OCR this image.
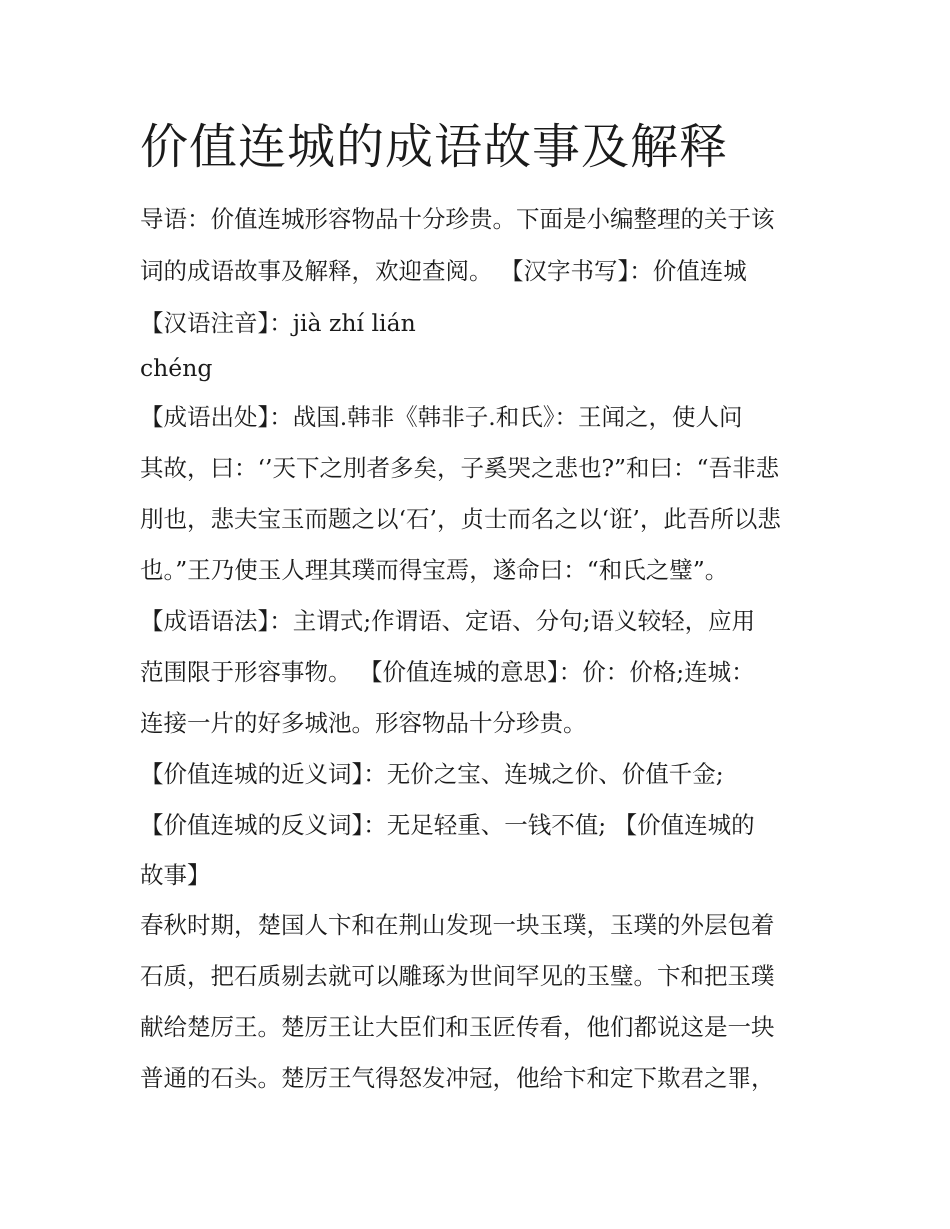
价值连城的成语故事及解释
导语：价值连城形容物品十分珍贵。下面是小编整理的关于该
词的成语故事及解释，欢迎查阅。 【汉字书写】：价值连城
【汉语注音】：jià zhí lián
chéng
【成语出处】：战国.韩非《韩非子.和氏》：王闻之，使人问
其故，曰：‘’天下之刖者多矣，子奚哭之悲也?”和曰：“吾非悲
刖也，悲夫宝玉而题之以‘石’，贞士而名之以‘诳’，此吾所以悲
也。”王乃使玉人理其璞而得宝焉，遂命曰：“和氏之璧”。
【成语语法】：主谓式;作谓语、定语、分句;语义较轻，应用
范围限于形容事物。 【价值连城的意思】：价：价格;连城：
连接一片的好多城池。形容物品十分珍贵。
【价值连城的近义词】：无价之宝、连城之价、价值千金;
【价值连城的反义词】：无足轻重、一钱不值; 【价值连城的
故事】
春秋时期，楚国人卞和在荆山发现一块玉璞，玉璞的外层包着
石质，把石质剔去就可以雕琢为世间罕见的玉璧。卞和把玉璞
献给楚厉王。楚厉王让大臣们和玉匠传看，他们都说这是一块
普通的石头。楚厉王气得怒发冲冠，他给卞和定下欺君之罪，
